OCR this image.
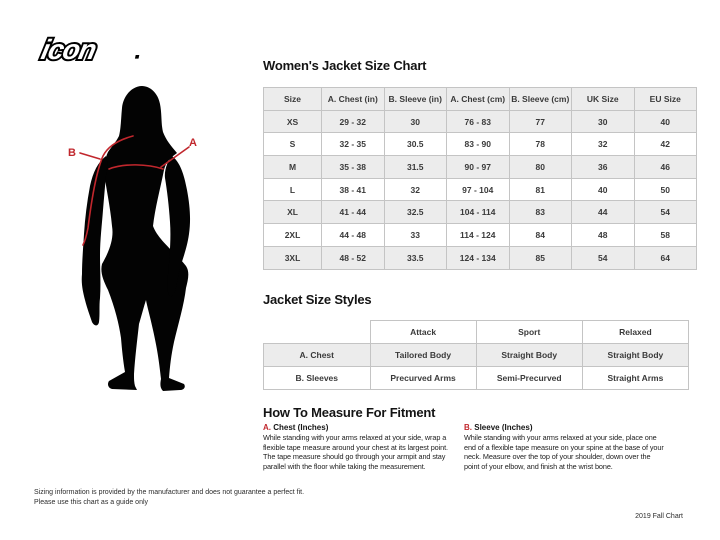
icon
B
A
Women's Jacket Size Chart
Size	A. Chest (in)	B. Sleeve (in)	A. Chest (cm)	B. Sleeve (cm)	UK Size	EU Size
XS	29 - 32	30	76 - 83	77	30	40
S	32 - 35	30.5	83 - 90	78	32	42
M	35 - 38	31.5	90 - 97	80	36	46
L	38 - 41	32	97 - 104	81	40	50
XL	41 - 44	32.5	104 - 114	83	44	54
2XL	44 - 48	33	114 - 124	84	48	58
3XL	48 - 52	33.5	124 - 134	85	54	64
Jacket Size Styles
	Attack	Sport	Relaxed
A. Chest	Tailored Body	Straight Body	Straight Body
B. Sleeves	Precurved Arms	Semi-Precurved	Straight Arms
How To Measure For Fitment

A. Chest (Inches)

While standing with your arms relaxed at your side, wrap a flexible tape measure around your chest at its largest point. The tape measure should go through your armpit and stay parallel with the floor while taking the measurement.

B. Sleeve (Inches)

While standing with your arms relaxed at your side, place one end of a flexible tape measure on your spine at the base of your neck. Measure over the top of your shoulder, down over the point of your elbow, and finish at the wrist bone.

Sizing information is provided by the manufacturer and does not guarantee a perfect fit.
Please use this chart as a guide only
2019 Fall Chart
